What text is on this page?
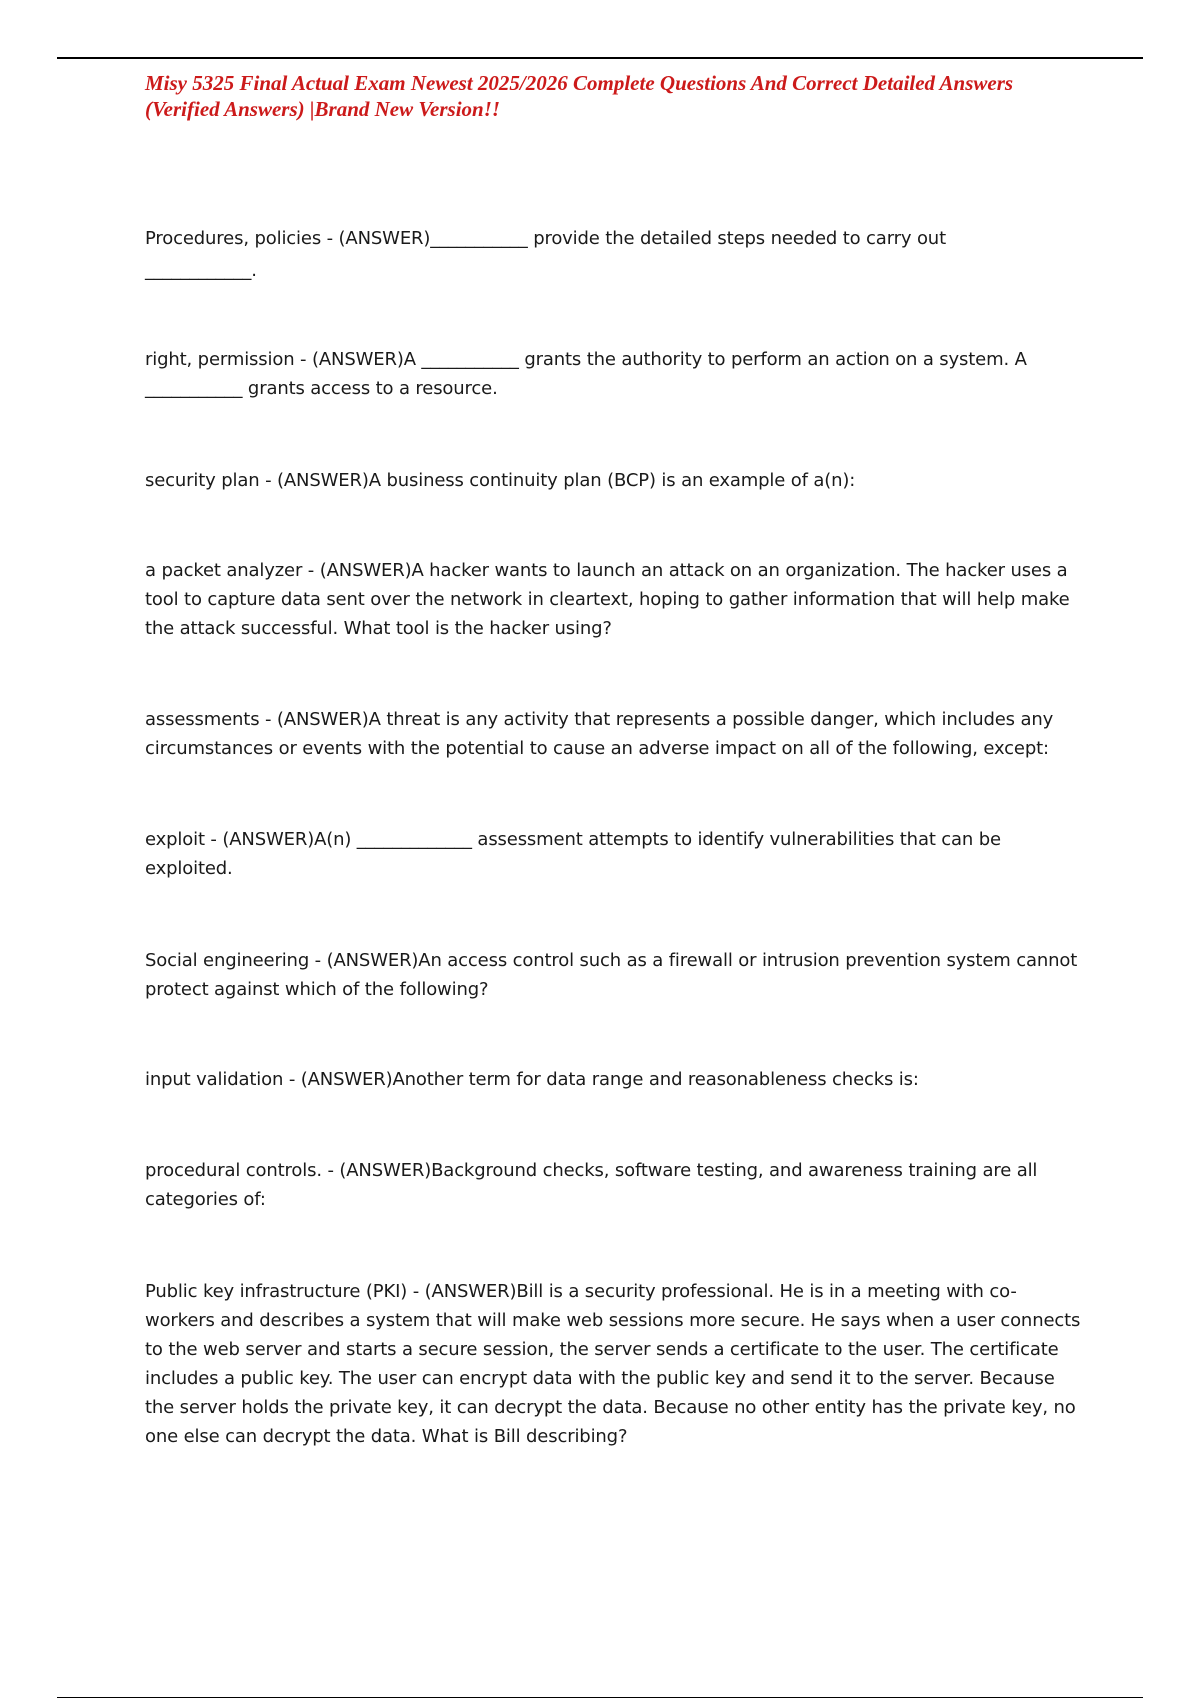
Misy 5325 Final Actual Exam Newest 2025/2026 Complete Questions And Correct Detailed Answers
(Verified Answers) |Brand New Version!!
Procedures, policies - (ANSWER)___________ provide the detailed steps needed to carry out
____________.
right, permission - (ANSWER)A ___________ grants the authority to perform an action on a system. A
___________ grants access to a resource.
security plan - (ANSWER)A business continuity plan (BCP) is an example of a(n):
a packet analyzer - (ANSWER)A hacker wants to launch an attack on an organization. The hacker uses a
tool to capture data sent over the network in cleartext, hoping to gather information that will help make
the attack successful. What tool is the hacker using?
assessments - (ANSWER)A threat is any activity that represents a possible danger, which includes any
circumstances or events with the potential to cause an adverse impact on all of the following, except:
exploit - (ANSWER)A(n) _____________ assessment attempts to identify vulnerabilities that can be
exploited.
Social engineering - (ANSWER)An access control such as a firewall or intrusion prevention system cannot
protect against which of the following?
input validation - (ANSWER)Another term for data range and reasonableness checks is:
procedural controls. - (ANSWER)Background checks, software testing, and awareness training are all
categories of:
Public key infrastructure (PKI) - (ANSWER)Bill is a security professional. He is in a meeting with co-
workers and describes a system that will make web sessions more secure. He says when a user connects
to the web server and starts a secure session, the server sends a certificate to the user. The certificate
includes a public key. The user can encrypt data with the public key and send it to the server. Because
the server holds the private key, it can decrypt the data. Because no other entity has the private key, no
one else can decrypt the data. What is Bill describing?
